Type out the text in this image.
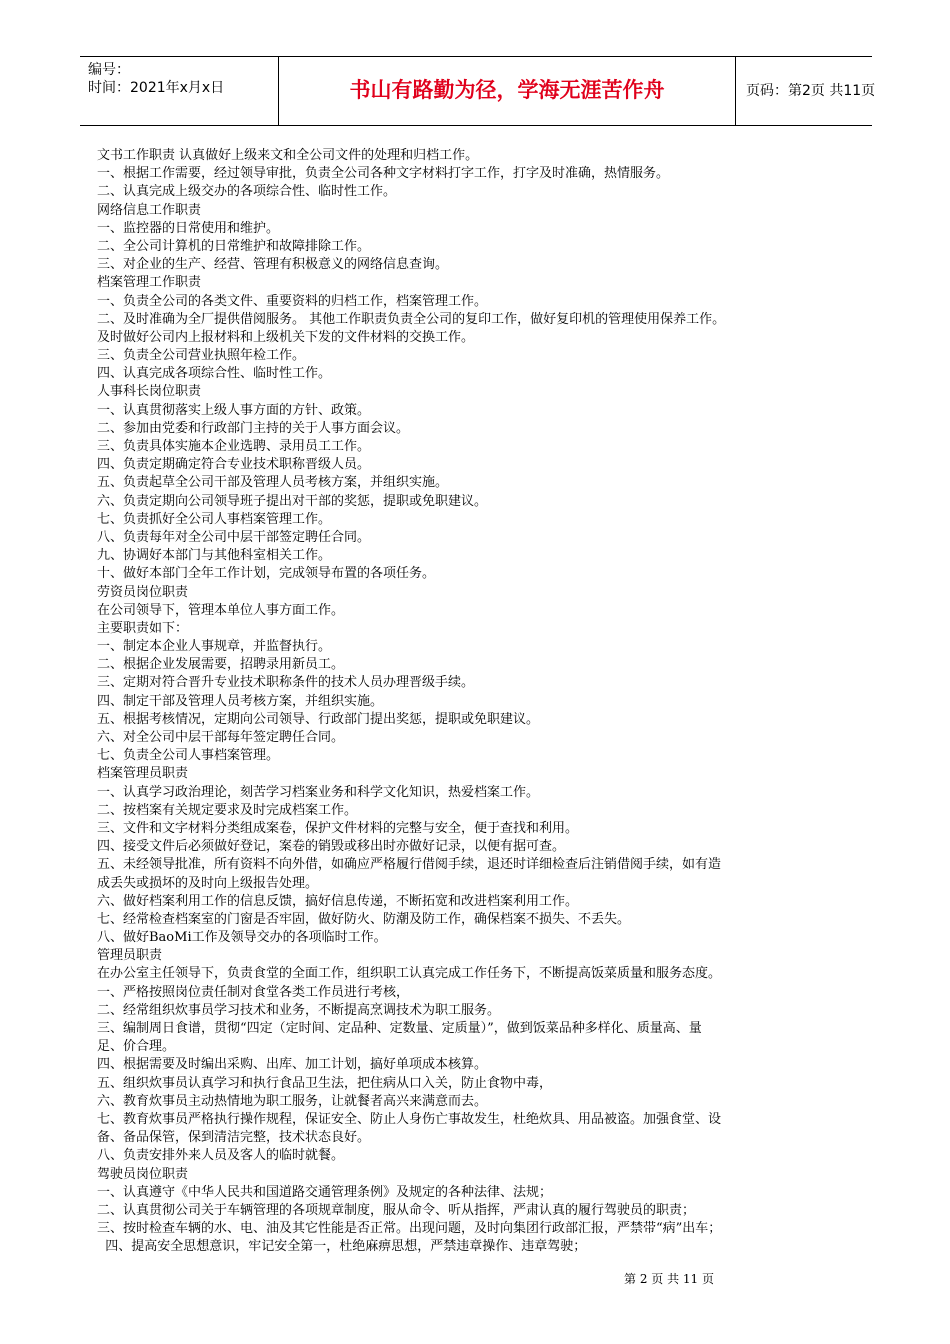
编号：
时间：2021年x月x日	书山有路勤为径，学海无涯苦作舟	页码：第2页 共11页
文书工作职责 认真做好上级来文和全公司文件的处理和归档工作。
一、根据工作需要，经过领导审批，负责全公司各种文字材料打字工作，打字及时准确，热情服务。
二、认真完成上级交办的各项综合性、临时性工作。
网络信息工作职责
一、监控器的日常使用和维护。
二、全公司计算机的日常维护和故障排除工作。
三、对企业的生产、经营、管理有积极意义的网络信息查询。
档案管理工作职责
一、负责全公司的各类文件、重要资料的归档工作，档案管理工作。
二、及时准确为全厂提供借阅服务。 其他工作职责负责全公司的复印工作，做好复印机的管理使用保养工作。
及时做好公司内上报材料和上级机关下发的文件材料的交换工作。
三、负责全公司营业执照年检工作。
四、认真完成各项综合性、临时性工作。
人事科长岗位职责
一、认真贯彻落实上级人事方面的方针、政策。
二、参加由党委和行政部门主持的关于人事方面会议。
三、负责具体实施本企业选聘、录用员工工作。
四、负责定期确定符合专业技术职称晋级人员。
五、负责起草全公司干部及管理人员考核方案，并组织实施。
六、负责定期向公司领导班子提出对干部的奖惩，提职或免职建议。
七、负责抓好全公司人事档案管理工作。
八、负责每年对全公司中层干部签定聘任合同。
九、协调好本部门与其他科室相关工作。
十、做好本部门全年工作计划，完成领导布置的各项任务。
劳资员岗位职责
在公司领导下，管理本单位人事方面工作。
主要职责如下：
一、制定本企业人事规章，并监督执行。
二、根据企业发展需要，招聘录用新员工。
三、定期对符合晋升专业技术职称条件的技术人员办理晋级手续。
四、制定干部及管理人员考核方案，并组织实施。
五、根据考核情况，定期向公司领导、行政部门提出奖惩，提职或免职建议。
六、对全公司中层干部每年签定聘任合同。
七、负责全公司人事档案管理。
档案管理员职责
一、认真学习政治理论，刻苦学习档案业务和科学文化知识，热爱档案工作。
二、按档案有关规定要求及时完成档案工作。
三、文件和文字材料分类组成案卷，保护文件材料的完整与安全，便于查找和利用。
四、接受文件后必须做好登记，案卷的销毁或移出时亦做好记录，以便有据可查。
五、未经领导批准，所有资料不向外借，如确应严格履行借阅手续，退还时详细检查后注销借阅手续，如有造
成丢失或损坏的及时向上级报告处理。
六、做好档案利用工作的信息反馈，搞好信息传递，不断拓宽和改进档案利用工作。
七、经常检查档案室的门窗是否牢固，做好防火、防潮及防工作，确保档案不损失、不丢失。
八、做好BaoMi工作及领导交办的各项临时工作。
管理员职责
在办公室主任领导下，负责食堂的全面工作，组织职工认真完成工作任务下，不断提高饭菜质量和服务态度。
一、严格按照岗位责任制对食堂各类工作员进行考核，
二、经常组织炊事员学习技术和业务，不断提高烹调技术为职工服务。
三、编制周日食谱，贯彻“四定（定时间、定品种、定数量、定质量）”，做到饭菜品种多样化、质量高、量
足、价合理。
四、根据需要及时编出采购、出库、加工计划，搞好单项成本核算。
五、组织炊事员认真学习和执行食品卫生法，把住病从口入关，防止食物中毒，
六、教育炊事员主动热情地为职工服务，让就餐者高兴来满意而去。
七、教育炊事员严格执行操作规程，保证安全、防止人身伤亡事故发生，杜绝炊具、用品被盗。加强食堂、设
备、备品保管，保到清洁完整，技术状态良好。
八、负责安排外来人员及客人的临时就餐。
驾驶员岗位职责
一、认真遵守《中华人民共和国道路交通管理条例》及规定的各种法律、法规；
二、认真贯彻公司关于车辆管理的各项规章制度，服从命令、听从指挥，严肃认真的履行驾驶员的职责；
三、按时检查车辆的水、电、油及其它性能是否正常。出现问题，及时向集团行政部汇报，严禁带“病”出车；
四、提高安全思想意识，牢记安全第一，杜绝麻痹思想，严禁违章操作、违章驾驶；
第 2 页 共 11 页
